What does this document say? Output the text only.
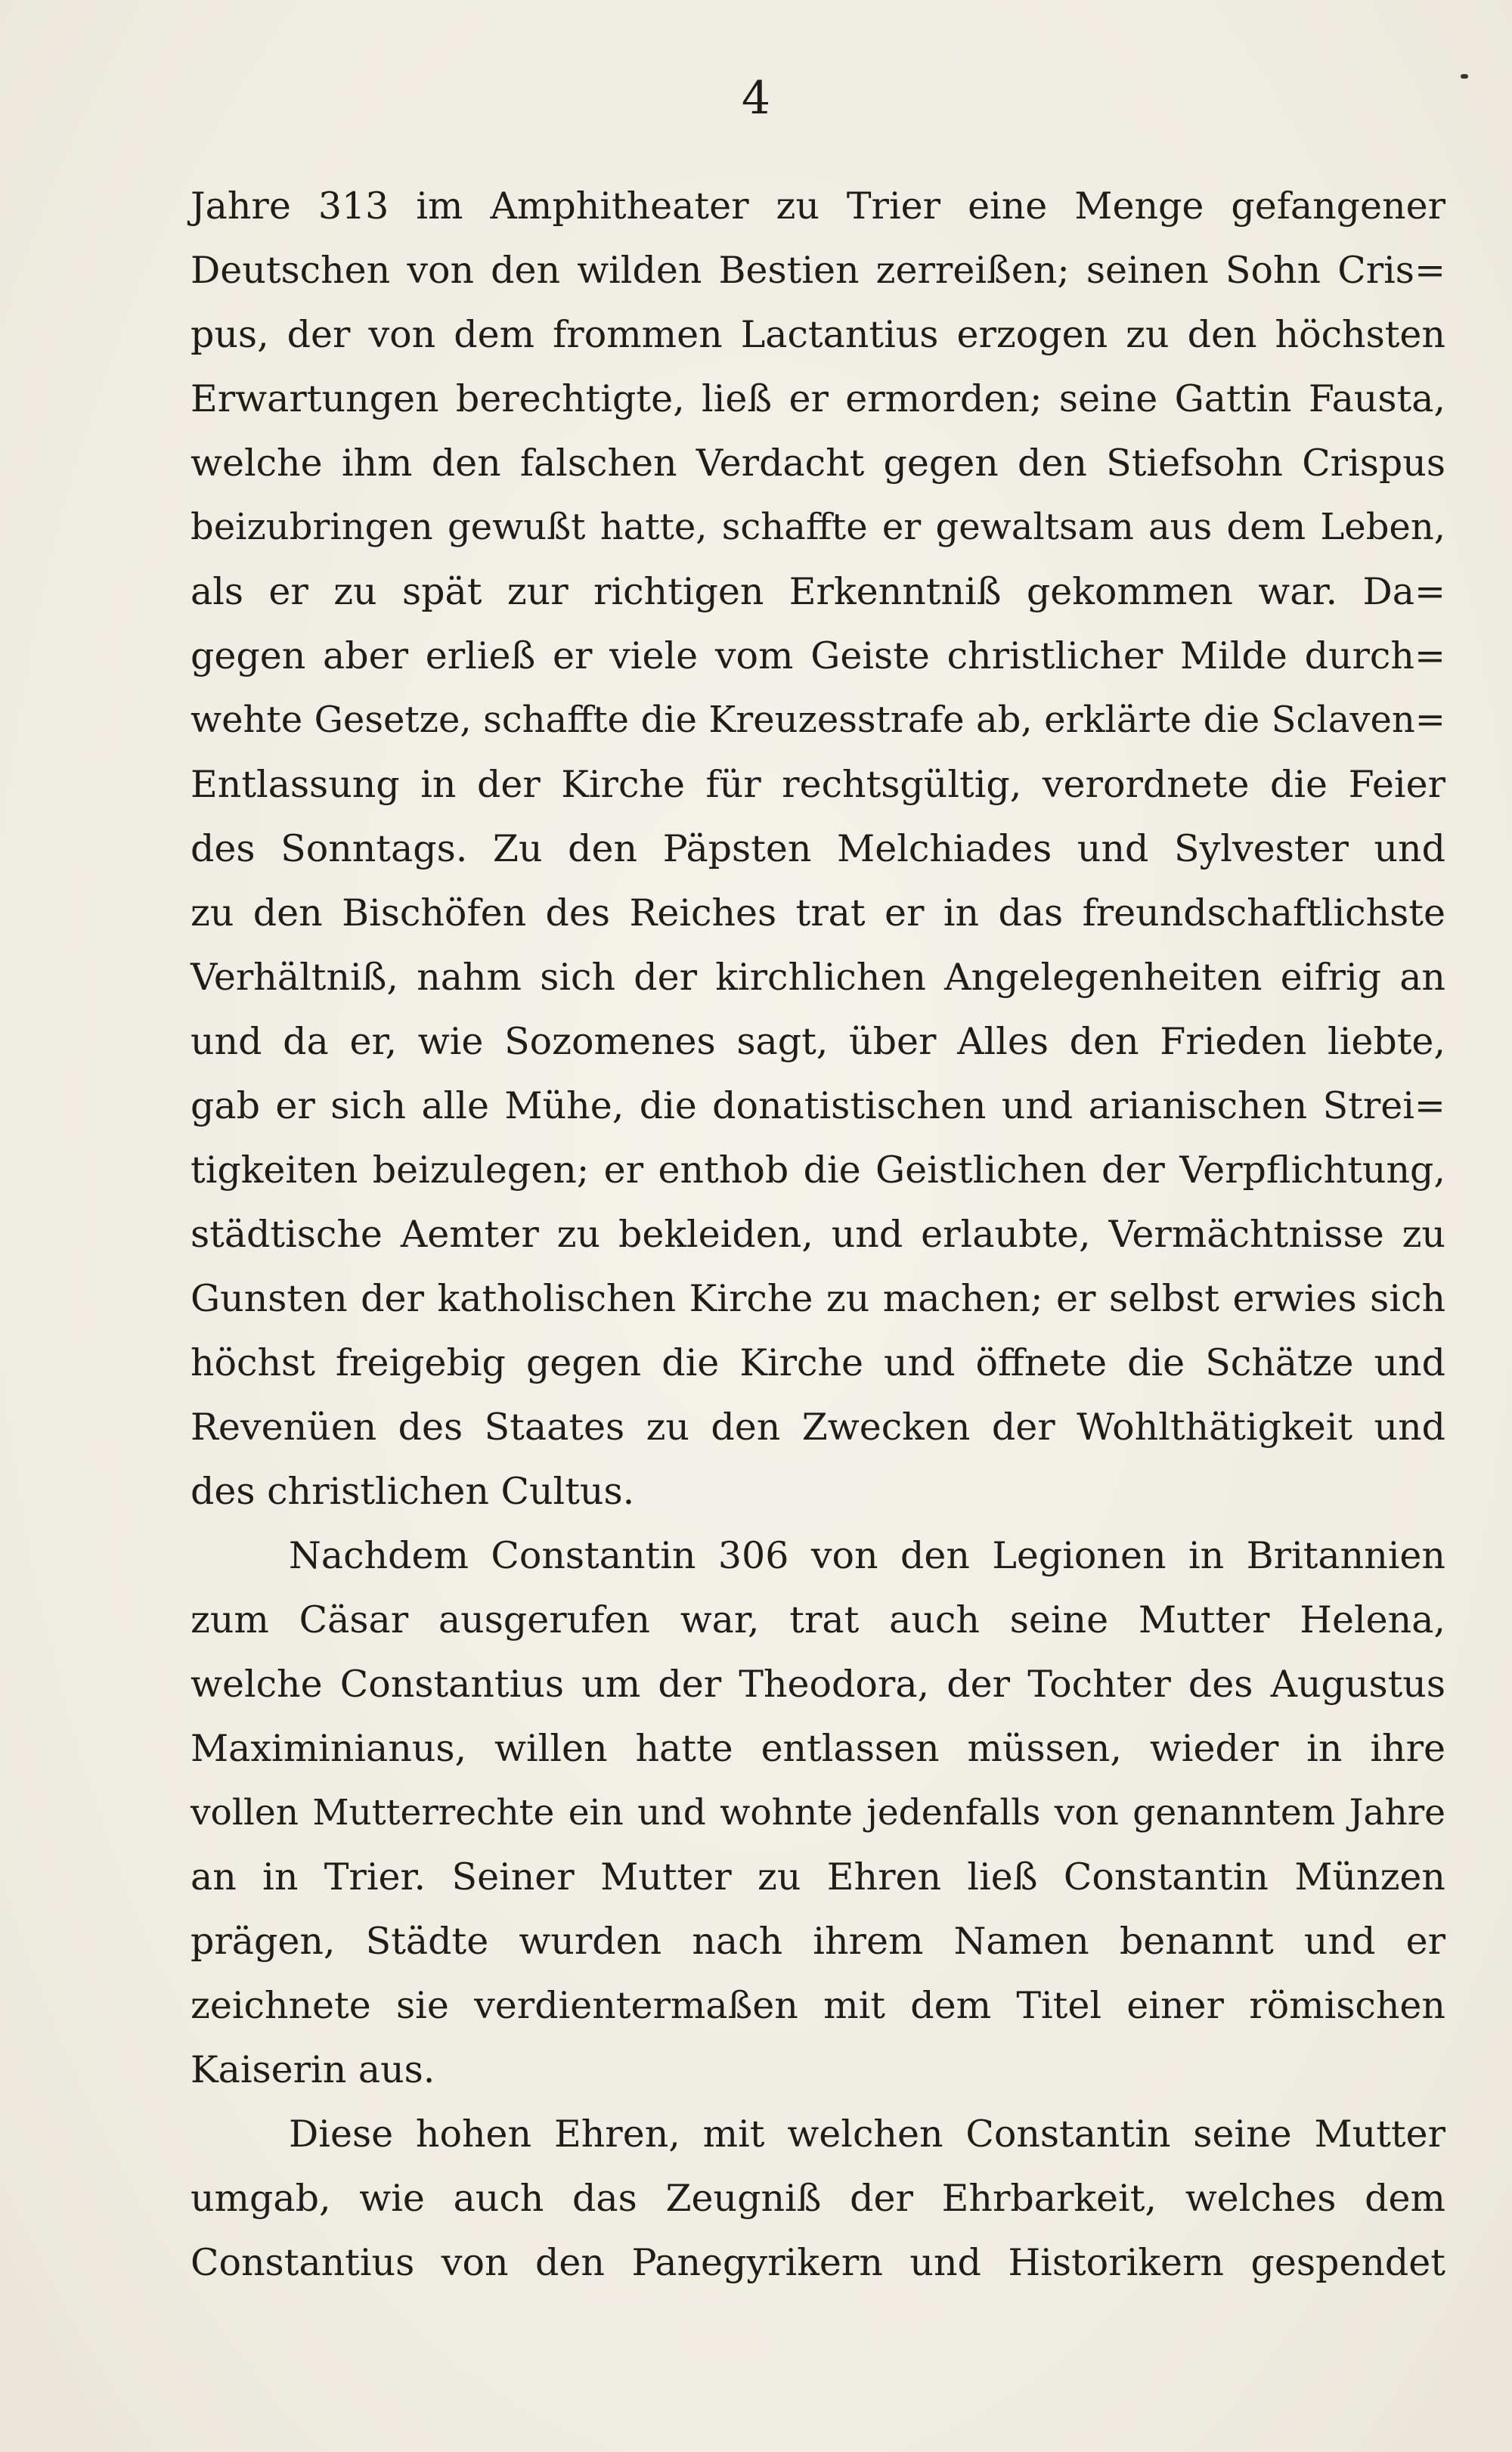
4
Jahre 313 im Amphitheater zu Trier eine Menge gefangener
Deutschen von den wilden Bestien zerreißen; seinen Sohn Cris=
pus, der von dem frommen Lactantius erzogen zu den höchsten
Erwartungen berechtigte, ließ er ermorden; seine Gattin Fausta,
welche ihm den falschen Verdacht gegen den Stiefsohn Crispus
beizubringen gewußt hatte, schaffte er gewaltsam aus dem Leben,
als er zu spät zur richtigen Erkenntniß gekommen war. Da=
gegen aber erließ er viele vom Geiste christlicher Milde durch=
wehte Gesetze, schaffte die Kreuzesstrafe ab, erklärte die Sclaven=
Entlassung in der Kirche für rechtsgültig, verordnete die Feier
des Sonntags. Zu den Päpsten Melchiades und Sylvester und
zu den Bischöfen des Reiches trat er in das freundschaftlichste
Verhältniß, nahm sich der kirchlichen Angelegenheiten eifrig an
und da er, wie Sozomenes sagt, über Alles den Frieden liebte,
gab er sich alle Mühe, die donatistischen und arianischen Strei=
tigkeiten beizulegen; er enthob die Geistlichen der Verpflichtung,
städtische Aemter zu bekleiden, und erlaubte, Vermächtnisse zu
Gunsten der katholischen Kirche zu machen; er selbst erwies sich
höchst freigebig gegen die Kirche und öffnete die Schätze und
Revenüen des Staates zu den Zwecken der Wohlthätigkeit und
des christlichen Cultus.
Nachdem Constantin 306 von den Legionen in Britannien
zum Cäsar ausgerufen war, trat auch seine Mutter Helena,
welche Constantius um der Theodora, der Tochter des Augustus
Maximinianus, willen hatte entlassen müssen, wieder in ihre
vollen Mutterrechte ein und wohnte jedenfalls von genanntem Jahre
an in Trier. Seiner Mutter zu Ehren ließ Constantin Münzen
prägen, Städte wurden nach ihrem Namen benannt und er
zeichnete sie verdientermaßen mit dem Titel einer römischen
Kaiserin aus.
Diese hohen Ehren, mit welchen Constantin seine Mutter
umgab, wie auch das Zeugniß der Ehrbarkeit, welches dem
Constantius von den Panegyrikern und Historikern gespendet
